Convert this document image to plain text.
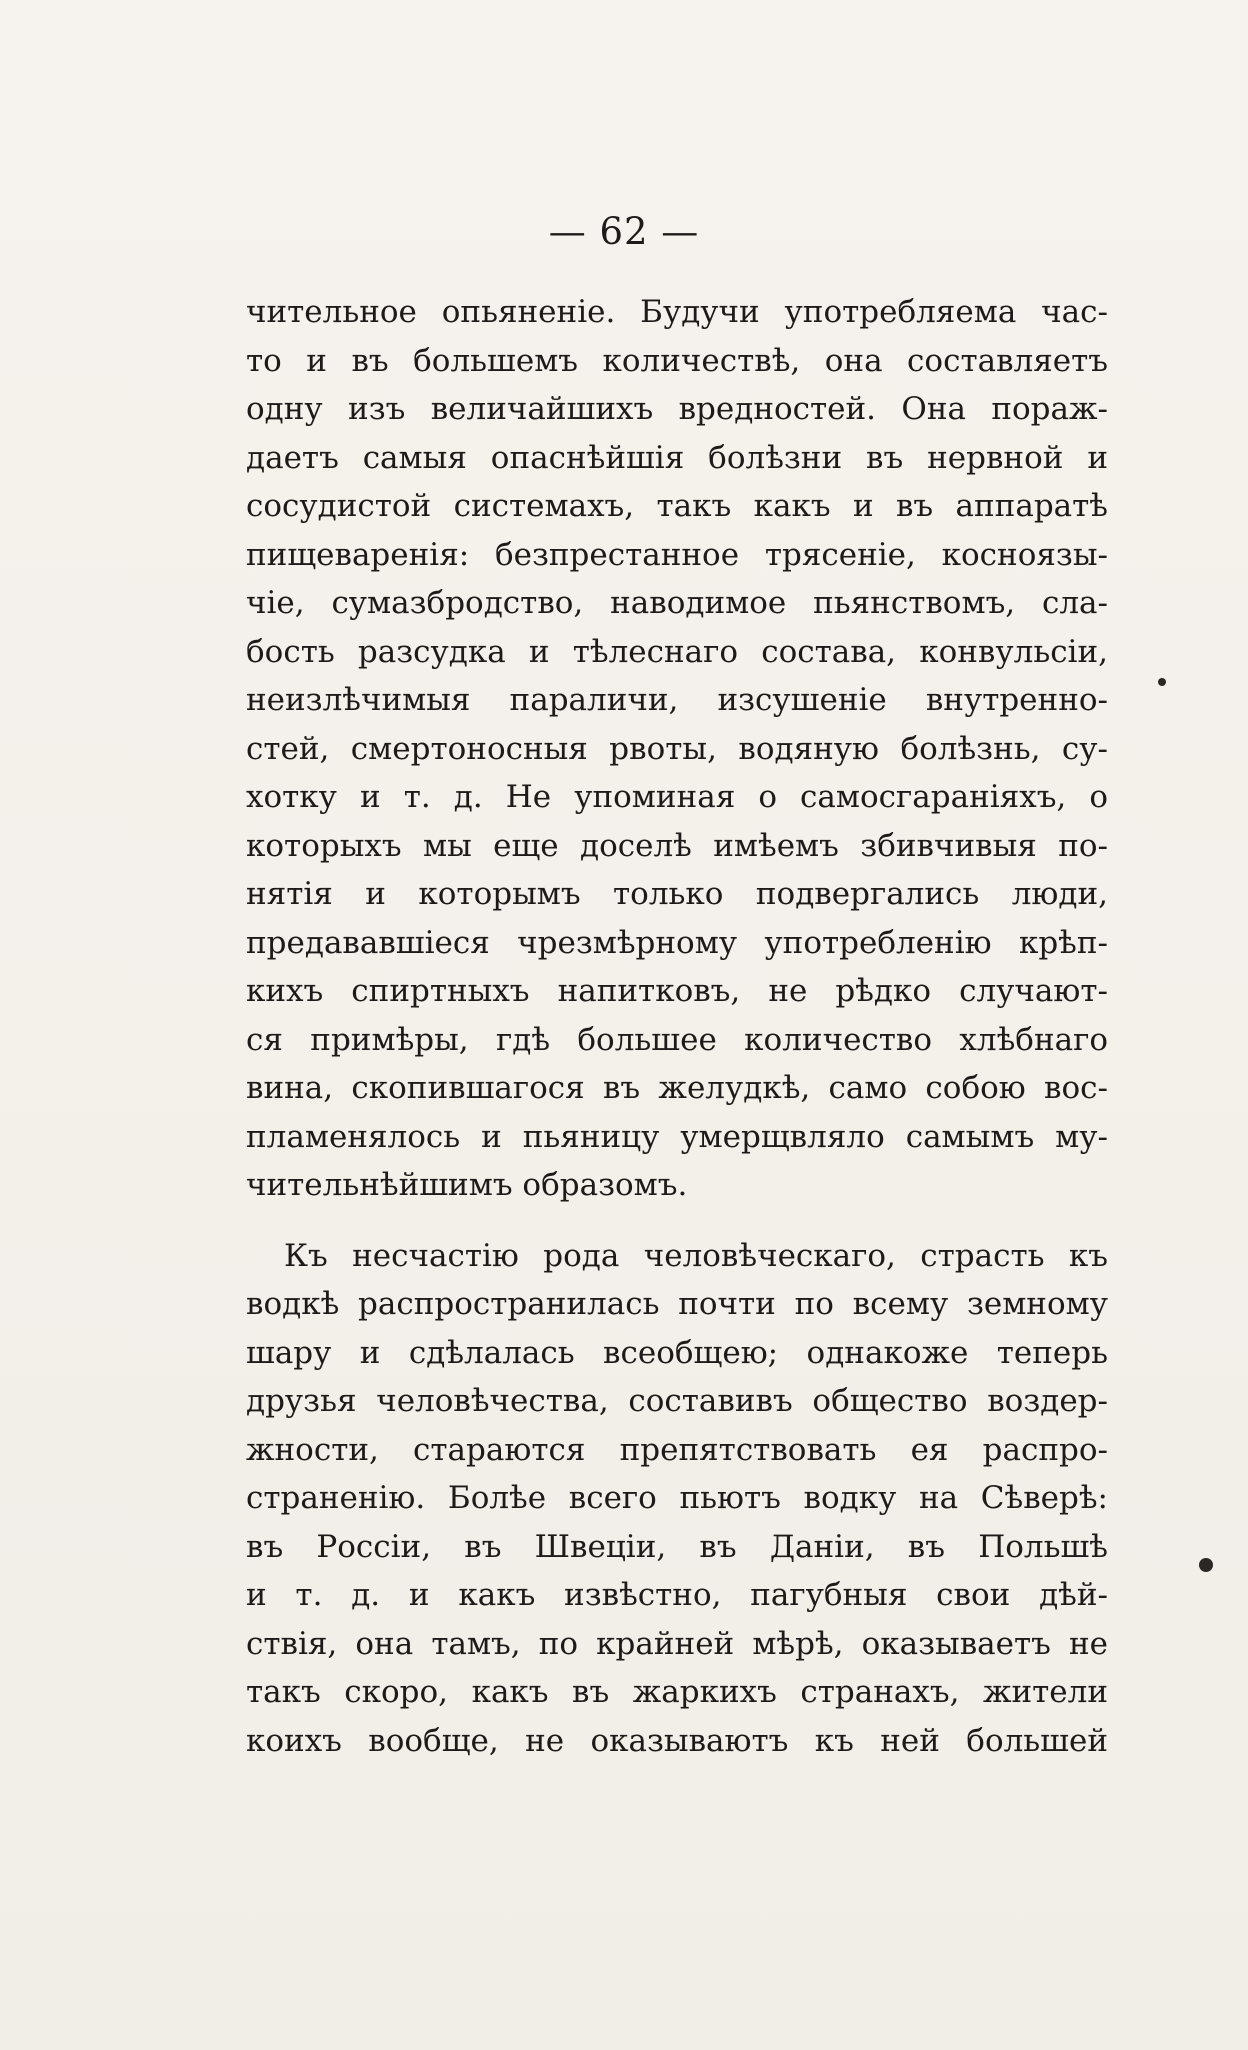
— 62 —
чительное опьяненіе. Будучи употребляема час-
то и въ большемъ количествѣ, она составляетъ
одну изъ величайшихъ вредностей. Она пораж-
даетъ самыя опаснѣйшія болѣзни въ нервной и
сосудистой системахъ, такъ какъ и въ аппаратѣ
пищеваренія: безпрестанное трясеніе, косноязы-
чіе, сумазбродство, наводимое пьянствомъ, сла-
бость разсудка и тѣлеснаго состава, конвульсіи,
неизлѣчимыя параличи, изсушеніе внутренно-
стей, смертоносныя рвоты, водяную болѣзнь, су-
хотку и т. д. Не упоминая о самосгараніяхъ, о
которыхъ мы еще доселѣ имѣемъ збивчивыя по-
нятія и которымъ только подвергались люди,
предававшіеся чрезмѣрному употребленію крѣп-
кихъ спиртныхъ напитковъ, не рѣдко случают-
ся примѣры, гдѣ большее количество хлѣбнаго
вина, скопившагося въ желудкѣ, само собою вос-
пламенялось и пьяницу умерщвляло самымъ му-
чительнѣйшимъ образомъ.
Къ несчастію рода человѣческаго, страсть къ
водкѣ распространилась почти по всему земному
шару и сдѣлалась всеобщею; однакоже теперь
друзья человѣчества, составивъ общество воздер-
жности, стараются препятствовать ея распро-
страненію. Болѣе всего пьютъ водку на Сѣверѣ:
въ Россіи, въ Швеціи, въ Даніи, въ Польшѣ
и т. д. и какъ извѣстно, пагубныя свои дѣй-
ствія, она тамъ, по крайней мѣрѣ, оказываетъ не
такъ скоро, какъ въ жаркихъ странахъ, жители
коихъ вообще, не оказываютъ къ ней большей
